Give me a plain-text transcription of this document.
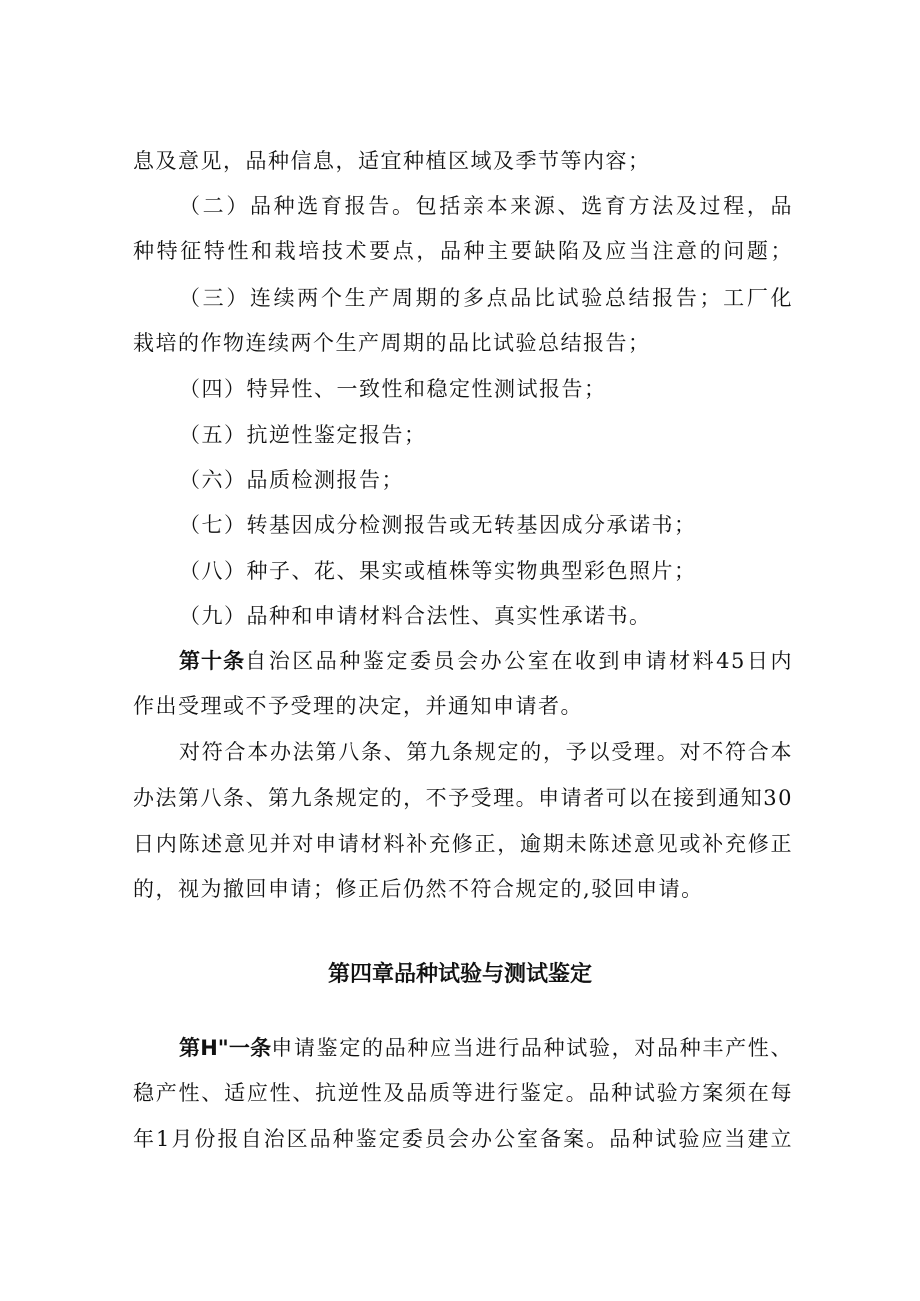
息及意见，品种信息，适宜种植区域及季节等内容；
（二）品种选育报告。包括亲本来源、选育方法及过程，品
种特征特性和栽培技术要点，品种主要缺陷及应当注意的问题；
（三）连续两个生产周期的多点品比试验总结报告；工厂化
栽培的作物连续两个生产周期的品比试验总结报告；
（四）特异性、一致性和稳定性测试报告；
（五）抗逆性鉴定报告；
（六）品质检测报告；
（七）转基因成分检测报告或无转基因成分承诺书；
（八）种子、花、果实或植株等实物典型彩色照片；
（九）品种和申请材料合法性、真实性承诺书。
第十条自治区品种鉴定委员会办公室在收到申请材料45日内
作出受理或不予受理的决定，并通知申请者。
对符合本办法第八条、第九条规定的，予以受理。对不符合本
办法第八条、第九条规定的，不予受理。申请者可以在接到通知30
日内陈述意见并对申请材料补充修正，逾期未陈述意见或补充修正
的，视为撤回申请；修正后仍然不符合规定的,驳回申请。
第四章品种试验与测试鉴定
第H"一条申请鉴定的品种应当进行品种试验，对品种丰产性、
稳产性、适应性、抗逆性及品质等进行鉴定。品种试验方案须在每
年1月份报自治区品种鉴定委员会办公室备案。品种试验应当建立
